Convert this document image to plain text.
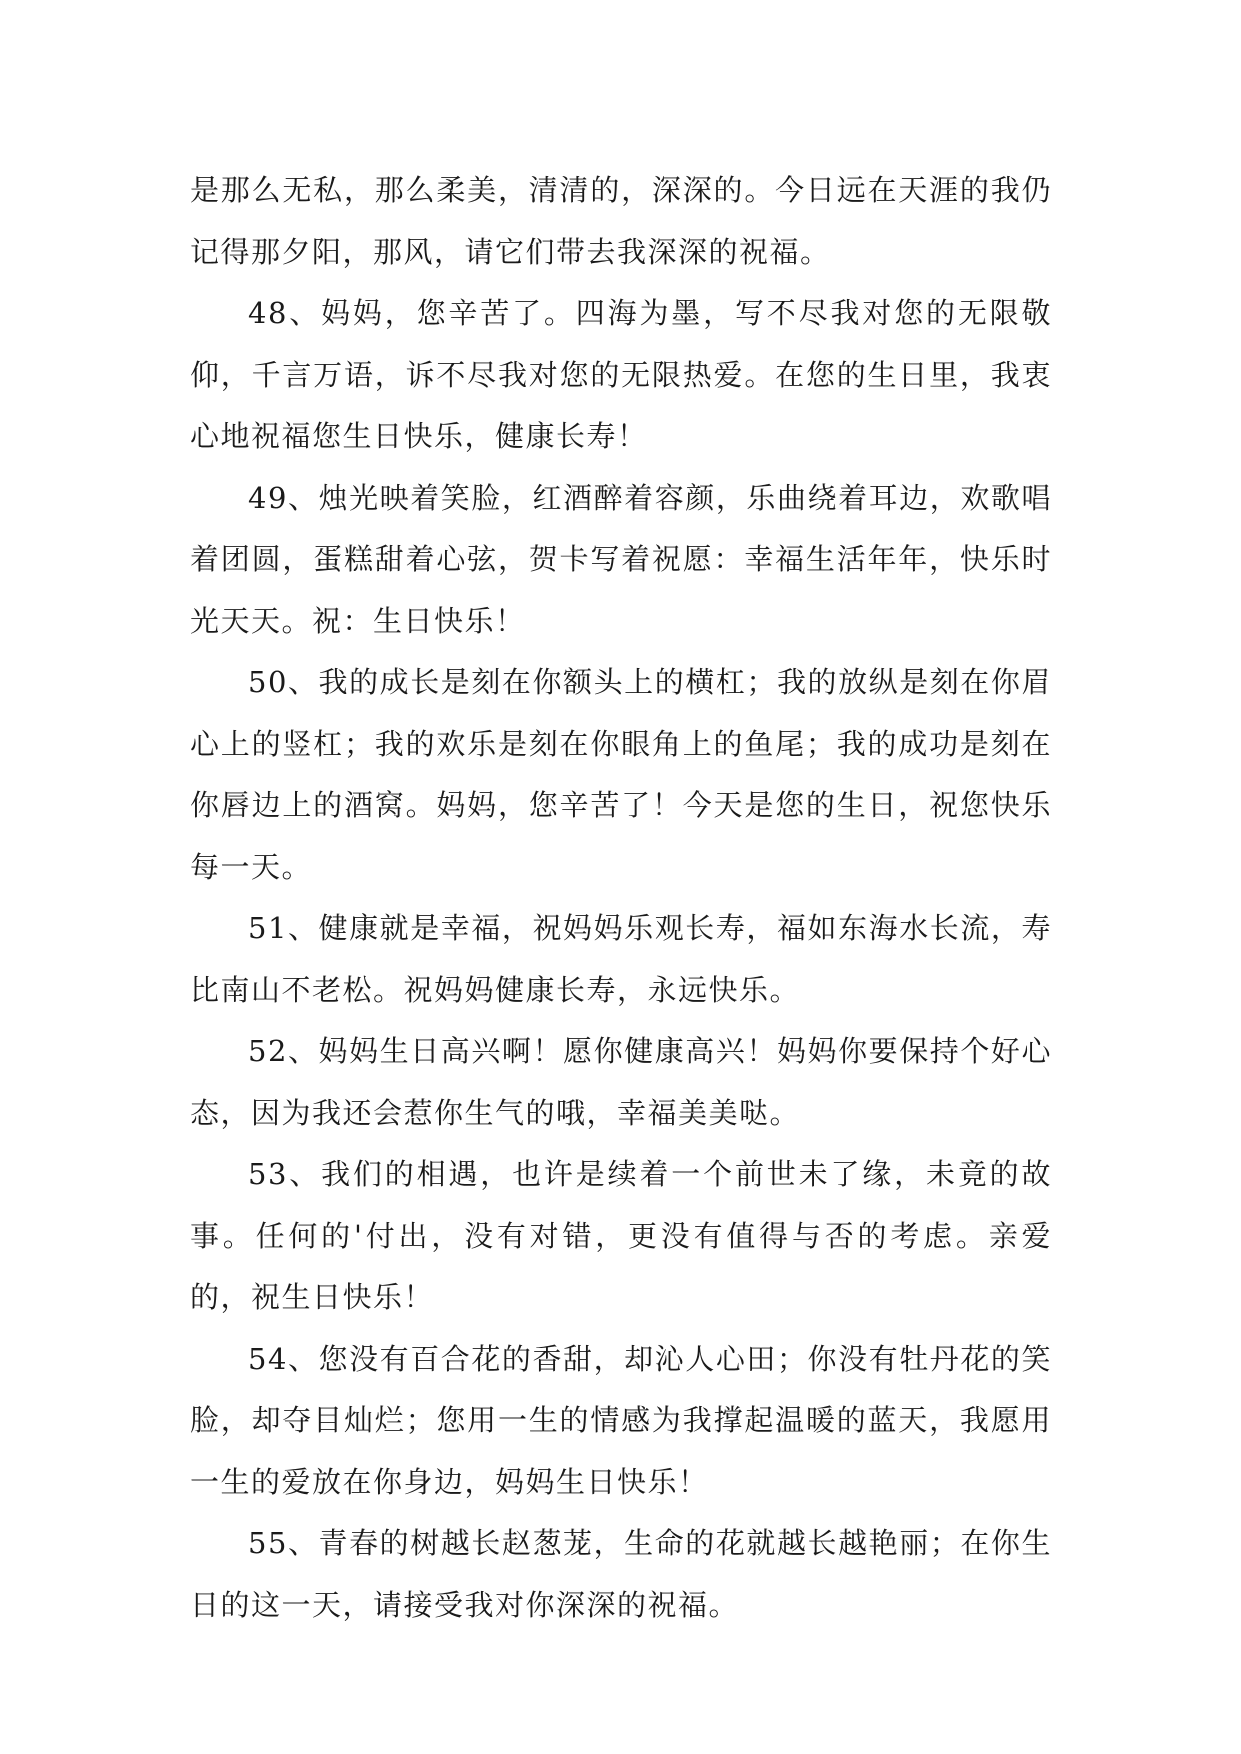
是那么无私，那么柔美，清清的，深深的。今日远在天涯的我仍记得那夕阳，那风，请它们带去我深深的祝福。

48、妈妈，您辛苦了。四海为墨，写不尽我对您的无限敬仰，千言万语，诉不尽我对您的无限热爱。在您的生日里，我衷心地祝福您生日快乐，健康长寿！

49、烛光映着笑脸，红酒醉着容颜，乐曲绕着耳边，欢歌唱着团圆，蛋糕甜着心弦，贺卡写着祝愿：幸福生活年年，快乐时光天天。祝：生日快乐！

50、我的成长是刻在你额头上的横杠；我的放纵是刻在你眉心上的竖杠；我的欢乐是刻在你眼角上的鱼尾；我的成功是刻在你唇边上的酒窝。妈妈，您辛苦了！今天是您的生日，祝您快乐每一天。

51、健康就是幸福，祝妈妈乐观长寿，福如东海水长流，寿比南山不老松。祝妈妈健康长寿，永远快乐。

52、妈妈生日高兴啊！愿你健康高兴！妈妈你要保持个好心态，因为我还会惹你生气的哦，幸福美美哒。

53、我们的相遇，也许是续着一个前世未了缘，未竟的故事。任何的'付出，没有对错，更没有值得与否的考虑。亲爱的，祝生日快乐！

54、您没有百合花的香甜，却沁人心田；你没有牡丹花的笑脸，却夺目灿烂；您用一生的情感为我撑起温暖的蓝天，我愿用一生的爱放在你身边，妈妈生日快乐！

55、青春的树越长赵葱茏，生命的花就越长越艳丽；在你生日的这一天，请接受我对你深深的祝福。
